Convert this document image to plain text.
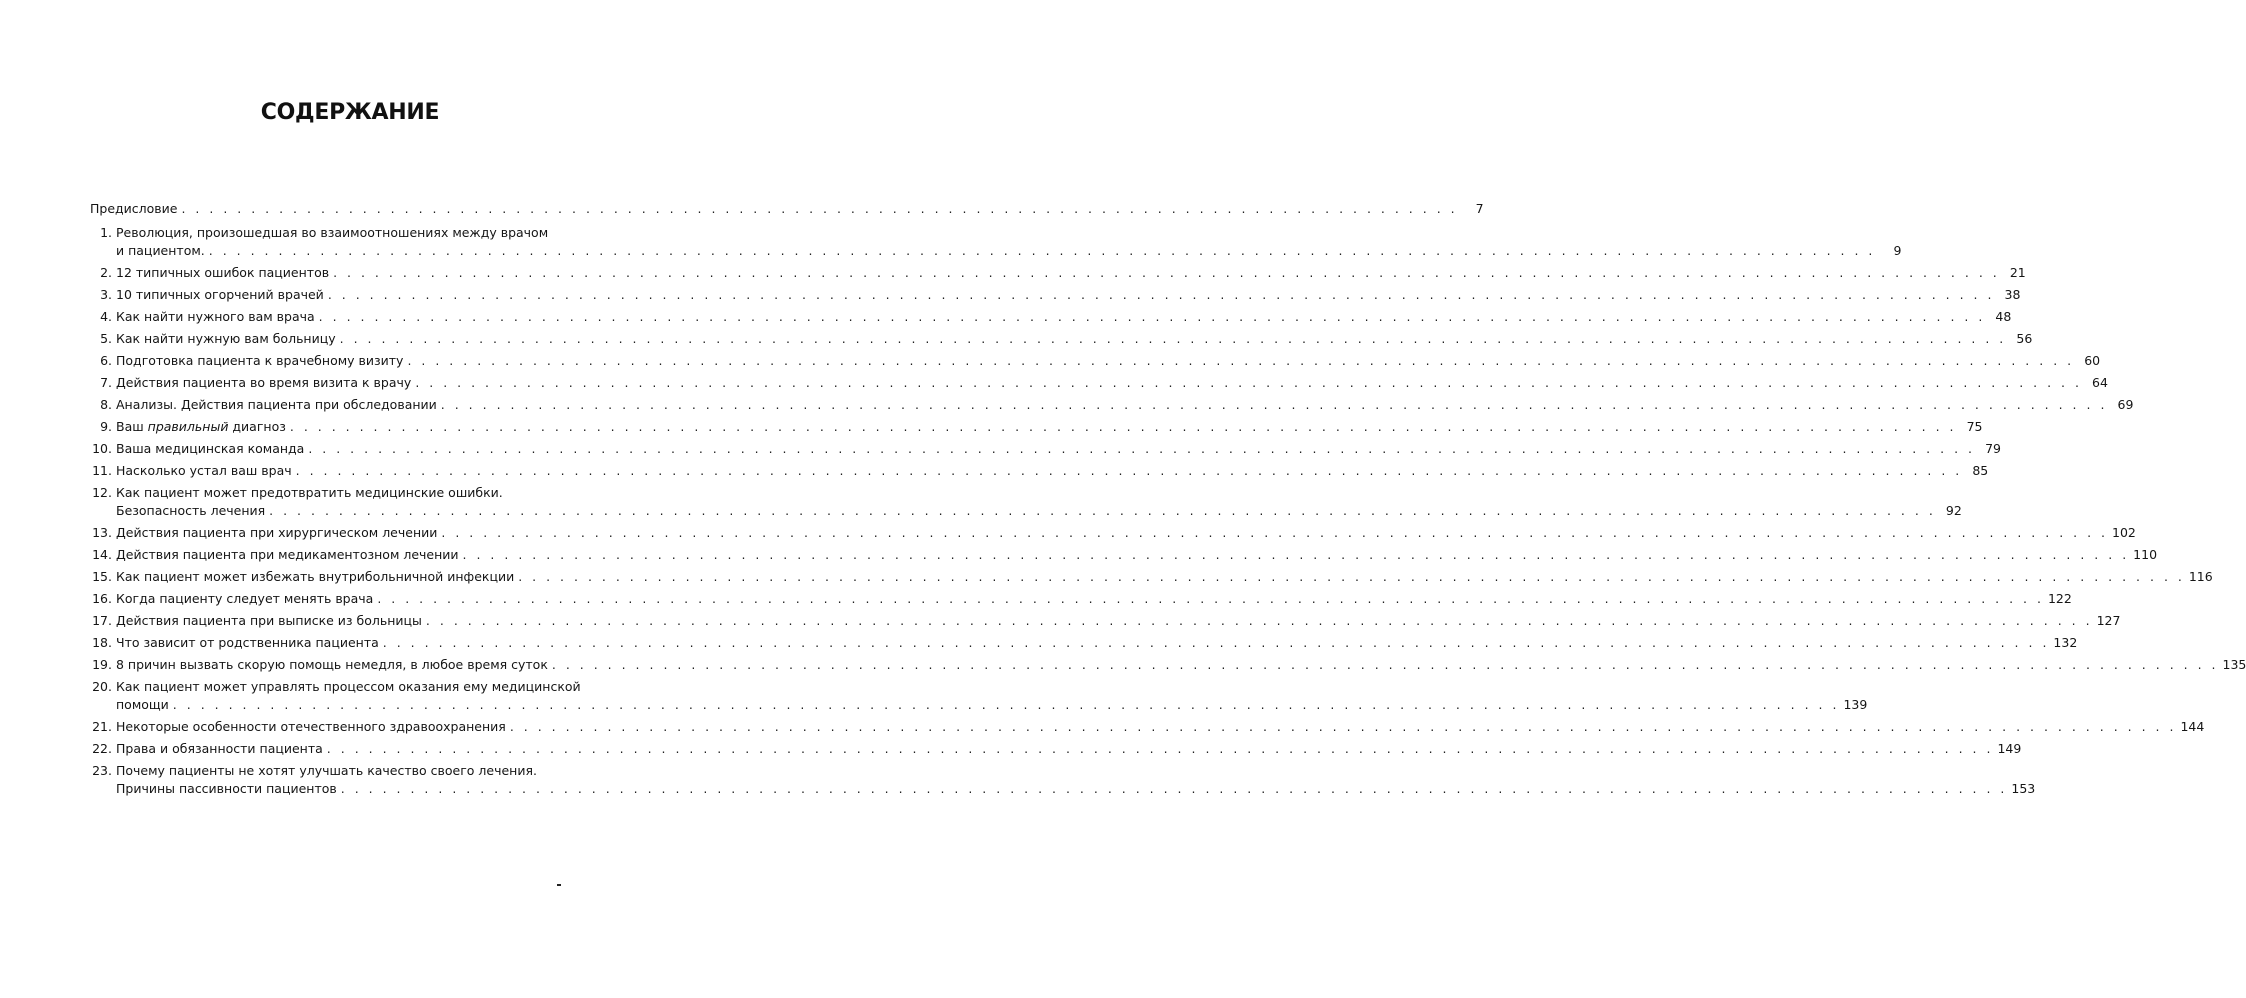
СОДЕРЖАНИЕ
Предисловие . . . . . . . . . . . . . . . . . . . . . . . . . . . . . . . . . . . . . . . . . . . . . . . . . . . . . . . . . . . . . . . . . . . . . . . . . . . . . . . . . . . . . . . . . . . .	7
1. Революция, произошедшая во взаимоотношениях между врачом
и пациентом. . . . . . . . . . . . . . . . . . . . . . . . . . . . . . . . . . . . . . . . . . . . . . . . . . . . . . . . . . . . . . . . . . . . . . . . . . . . . . . . . . . . . . . . . . . . . . . . . . . . . . . . . . . . . . . . . . . . . . . . .	9
2. 12 типичных ошибок пациентов . . . . . . . . . . . . . . . . . . . . . . . . . . . . . . . . . . . . . . . . . . . . . . . . . . . . . . . . . . . . . . . . . . . . . . . . . . . . . . . . . . . . . . . . . . . . . . . . . . . . . . . . . . . . . . . . . . . . . . . . 21
3. 10 типичных огорчений врачей . . . . . . . . . . . . . . . . . . . . . . . . . . . . . . . . . . . . . . . . . . . . . . . . . . . . . . . . . . . . . . . . . . . . . . . . . . . . . . . . . . . . . . . . . . . . . . . . . . . . . . . . . . . . . . . . . . . . . . . . 38
4. Как найти нужного вам врача . . . . . . . . . . . . . . . . . . . . . . . . . . . . . . . . . . . . . . . . . . . . . . . . . . . . . . . . . . . . . . . . . . . . . . . . . . . . . . . . . . . . . . . . . . . . . . . . . . . . . . . . . . . . . . . . . . . . . . . . 48
5. Как найти нужную вам больницу . . . . . . . . . . . . . . . . . . . . . . . . . . . . . . . . . . . . . . . . . . . . . . . . . . . . . . . . . . . . . . . . . . . . . . . . . . . . . . . . . . . . . . . . . . . . . . . . . . . . . . . . . . . . . . . . . . . . . . . . 56
6. Подготовка пациента к врачебному визиту . . . . . . . . . . . . . . . . . . . . . . . . . . . . . . . . . . . . . . . . . . . . . . . . . . . . . . . . . . . . . . . . . . . . . . . . . . . . . . . . . . . . . . . . . . . . . . . . . . . . . . . . . . . . . . . . . . . . . . . . 60
7. Действия пациента во время визита к врачу . . . . . . . . . . . . . . . . . . . . . . . . . . . . . . . . . . . . . . . . . . . . . . . . . . . . . . . . . . . . . . . . . . . . . . . . . . . . . . . . . . . . . . . . . . . . . . . . . . . . . . . . . . . . . . . . . . . . . . . . 64
8. Анализы. Действия пациента при обследовании . . . . . . . . . . . . . . . . . . . . . . . . . . . . . . . . . . . . . . . . . . . . . . . . . . . . . . . . . . . . . . . . . . . . . . . . . . . . . . . . . . . . . . . . . . . . . . . . . . . . . . . . . . . . . . . . . . . . . . . . 69
9. Ваш правильный диагноз . . . . . . . . . . . . . . . . . . . . . . . . . . . . . . . . . . . . . . . . . . . . . . . . . . . . . . . . . . . . . . . . . . . . . . . . . . . . . . . . . . . . . . . . . . . . . . . . . . . . . . . . . . . . . . . . . . . . . . . . 75
10. Ваша медицинская команда . . . . . . . . . . . . . . . . . . . . . . . . . . . . . . . . . . . . . . . . . . . . . . . . . . . . . . . . . . . . . . . . . . . . . . . . . . . . . . . . . . . . . . . . . . . . . . . . . . . . . . . . . . . . . . . . . . . . . . . . 79
11. Насколько устал ваш врач . . . . . . . . . . . . . . . . . . . . . . . . . . . . . . . . . . . . . . . . . . . . . . . . . . . . . . . . . . . . . . . . . . . . . . . . . . . . . . . . . . . . . . . . . . . . . . . . . . . . . . . . . . . . . . . . . . . . . . . . 85
12. Как пациент может предотвратить медицинские ошибки.
Безопасность лечения . . . . . . . . . . . . . . . . . . . . . . . . . . . . . . . . . . . . . . . . . . . . . . . . . . . . . . . . . . . . . . . . . . . . . . . . . . . . . . . . . . . . . . . . . . . . . . . . . . . . . . . . . . . . . . . . . . . . . . . . 92
13. Действия пациента при хирургическом лечении . . . . . . . . . . . . . . . . . . . . . . . . . . . . . . . . . . . . . . . . . . . . . . . . . . . . . . . . . . . . . . . . . . . . . . . . . . . . . . . . . . . . . . . . . . . . . . . . . . . . . . . . . . . . . . . . . . . . . . . . 102
14. Действия пациента при медикаментозном лечении . . . . . . . . . . . . . . . . . . . . . . . . . . . . . . . . . . . . . . . . . . . . . . . . . . . . . . . . . . . . . . . . . . . . . . . . . . . . . . . . . . . . . . . . . . . . . . . . . . . . . . . . . . . . . . . . . . . . . . . . 110
15. Как пациент может избежать внутрибольничной инфекции . . . . . . . . . . . . . . . . . . . . . . . . . . . . . . . . . . . . . . . . . . . . . . . . . . . . . . . . . . . . . . . . . . . . . . . . . . . . . . . . . . . . . . . . . . . . . . . . . . . . . . . . . . . . . . . . . . . . . . . . 116
16. Когда пациенту следует менять врача . . . . . . . . . . . . . . . . . . . . . . . . . . . . . . . . . . . . . . . . . . . . . . . . . . . . . . . . . . . . . . . . . . . . . . . . . . . . . . . . . . . . . . . . . . . . . . . . . . . . . . . . . . . . . . . . . . . . . . . . 122
17. Действия пациента при выписке из больницы . . . . . . . . . . . . . . . . . . . . . . . . . . . . . . . . . . . . . . . . . . . . . . . . . . . . . . . . . . . . . . . . . . . . . . . . . . . . . . . . . . . . . . . . . . . . . . . . . . . . . . . . . . . . . . . . . . . . . . . . 127
18. Что зависит от родственника пациента . . . . . . . . . . . . . . . . . . . . . . . . . . . . . . . . . . . . . . . . . . . . . . . . . . . . . . . . . . . . . . . . . . . . . . . . . . . . . . . . . . . . . . . . . . . . . . . . . . . . . . . . . . . . . . . . . . . . . . . . 132
19. 8 причин вызвать скорую помощь немедля, в любое время суток . . . . . . . . . . . . . . . . . . . . . . . . . . . . . . . . . . . . . . . . . . . . . . . . . . . . . . . . . . . . . . . . . . . . . . . . . . . . . . . . . . . . . . . . . . . . . . . . . . . . . . . . . . . . . . . . . . . . . . . . 135
20. Как пациент может управлять процессом оказания ему медицинской
помощи . . . . . . . . . . . . . . . . . . . . . . . . . . . . . . . . . . . . . . . . . . . . . . . . . . . . . . . . . . . . . . . . . . . . . . . . . . . . . . . . . . . . . . . . . . . . . . . . . . . . . . . . . . . . . . . . . . . . . . . . 139
21. Некоторые особенности отечественного здравоохранения . . . . . . . . . . . . . . . . . . . . . . . . . . . . . . . . . . . . . . . . . . . . . . . . . . . . . . . . . . . . . . . . . . . . . . . . . . . . . . . . . . . . . . . . . . . . . . . . . . . . . . . . . . . . . . . . . . . . . . . . 144
22. Права и обязанности пациента . . . . . . . . . . . . . . . . . . . . . . . . . . . . . . . . . . . . . . . . . . . . . . . . . . . . . . . . . . . . . . . . . . . . . . . . . . . . . . . . . . . . . . . . . . . . . . . . . . . . . . . . . . . . . . . . . . . . . . . . 149
23. Почему пациенты не хотят улучшать качество своего лечения.
Причины пассивности пациентов . . . . . . . . . . . . . . . . . . . . . . . . . . . . . . . . . . . . . . . . . . . . . . . . . . . . . . . . . . . . . . . . . . . . . . . . . . . . . . . . . . . . . . . . . . . . . . . . . . . . . . . . . . . . . . . . . . . . . . . . 153
